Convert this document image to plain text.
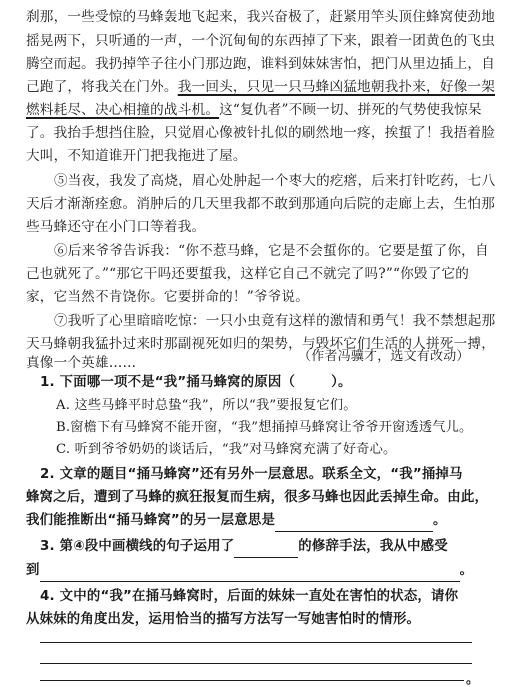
刹那，一些受惊的马蜂轰地飞起来，我兴奋极了，赶紧用竿头顶住蜂窝使劲地

摇晃两下，只听通的一声，一个沉甸甸的东西掉了下来，跟着一团黄色的飞虫

腾空而起。我扔掉竿子往小门那边跑，谁料到妹妹害怕，把门从里边插上，自

己跑了，将我关在门外。我一回头，只见一只马蜂凶猛地朝我扑来，好像一架

燃料耗尽、决心相撞的战斗机。这“复仇者”不顾一切、拼死的气势使我惊呆

了。我抬手想挡住脸，只觉眉心像被针扎似的刷然地一疼，挨蜇了！我捂着脸

大叫，不知道谁开门把我拖进了屋。

⑤当夜，我发了高烧，眉心处肿起一个枣大的疙瘩，后来打针吃药，七八

天后才渐渐痊愈。消肿后的几天里我都不敢到那通向后院的走廊上去，生怕那

些马蜂还守在小门口等着我。

⑥后来爷爷告诉我：“你不惹马蜂，它是不会蜇你的。它要是蜇了你，自

己也就死了。”“那它干吗还要蜇我，这样它自己不就完了吗?”“你毁了它的

家，它当然不肯饶你。它要拼命的！”爷爷说。

⑦我听了心里暗暗吃惊：一只小虫竟有这样的激情和勇气！我不禁想起那

天马蜂朝我猛扑过来时那副视死如归的架势，与毁坏它们生活的人拼死一搏，

真像一个英雄……	（作者冯骥才，选文有改动）

1. 下面哪一项不是“我”捅马蜂窝的原因（	）。

A. 这些马蜂平时总蛰“我”，所以“我”要报复它们。

B.窗檐下有马蜂窝不能开窗，“我”想捅掉马蜂窝让爷爷开窗透透气儿。

C. 听到爷爷奶奶的谈话后，“我”对马蜂窝充满了好奇心。

2. 文章的题目“捅马蜂窝”还有另外一层意思。联系全文，“我”捅掉马

蜂窝之后，遭到了马蜂的疯狂报复而生病，很多马蜂也因此丢掉生命。由此，

我们能推断出“捅马蜂窝”的另一层意思是	。

3. 第④段中画横线的句子运用了	的修辞手法，我从中感受

到	。

4. 文中的“我”在捅马蜂窝时，后面的妹妹一直处在害怕的状态，请你

从妹妹的角度出发，运用恰当的描写方法写一写她害怕时的情形。

。
